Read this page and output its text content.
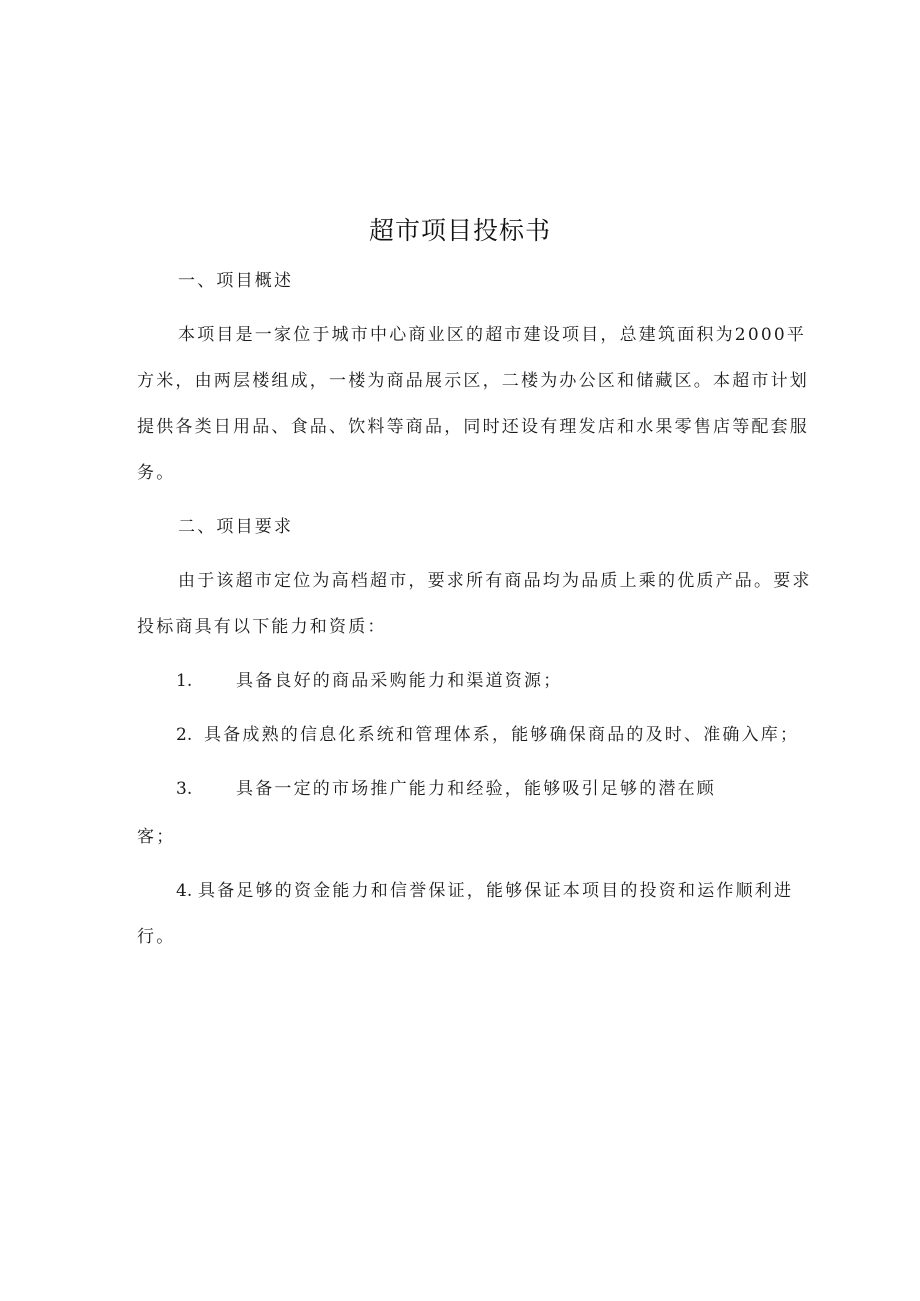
超市项目投标书
一、项目概述
本项目是一家位于城市中心商业区的超市建设项目，总建筑面积为2000平
方米，由两层楼组成，一楼为商品展示区，二楼为办公区和储藏区。本超市计划
提供各类日用品、食品、饮料等商品，同时还设有理发店和水果零售店等配套服
务。
二、项目要求
由于该超市定位为高档超市，要求所有商品均为品质上乘的优质产品。要求
投标商具有以下能力和资质：
1.	具备良好的商品采购能力和渠道资源；
2. 具备成熟的信息化系统和管理体系，能够确保商品的及时、准确入库；
3.	具备一定的市场推广能力和经验，能够吸引足够的潜在顾
客；
4. 具备足够的资金能力和信誉保证，能够保证本项目的投资和运作顺利进
行。
